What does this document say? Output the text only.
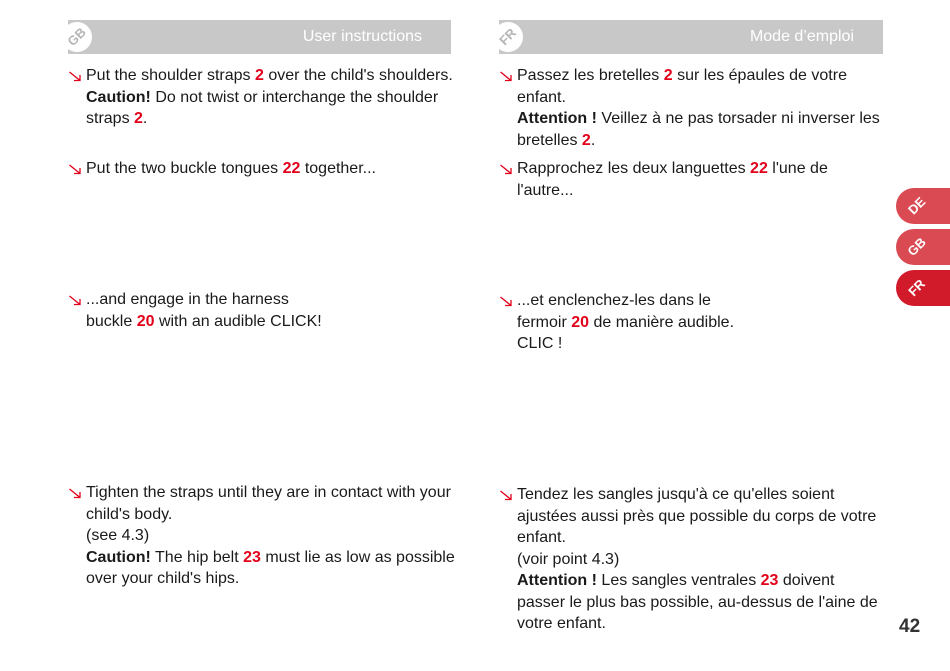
GB	User instructions	FR	Mode d’emploi
Put the shoulder straps 2 over the child's shoulders.
Caution! Do not twist or interchange the shoulder straps 2.
Put the two buckle tongues 22 together...
...and engage in the harness
buckle 20 with an audible CLICK!
Tighten the straps until they are in contact with your child's body.
(see 4.3)
Caution! The hip belt 23 must lie as low as possible over your child's hips.
Passez les bretelles 2 sur les épaules de votre enfant.
Attention ! Veillez à ne pas torsader ni inverser les bretelles 2.
Rapprochez les deux languettes 22 l'une de l'autre...
...et enclenchez-les dans le
fermoir 20 de manière audible.
CLIC !
Tendez les sangles jusqu'à ce qu'elles soient ajustées aussi près que possible du corps de votre enfant.
(voir point 4.3)
Attention ! Les sangles ventrales 23 doivent passer le plus bas possible, au-dessus de l'aine de votre enfant.
DE
GB
FR
42
